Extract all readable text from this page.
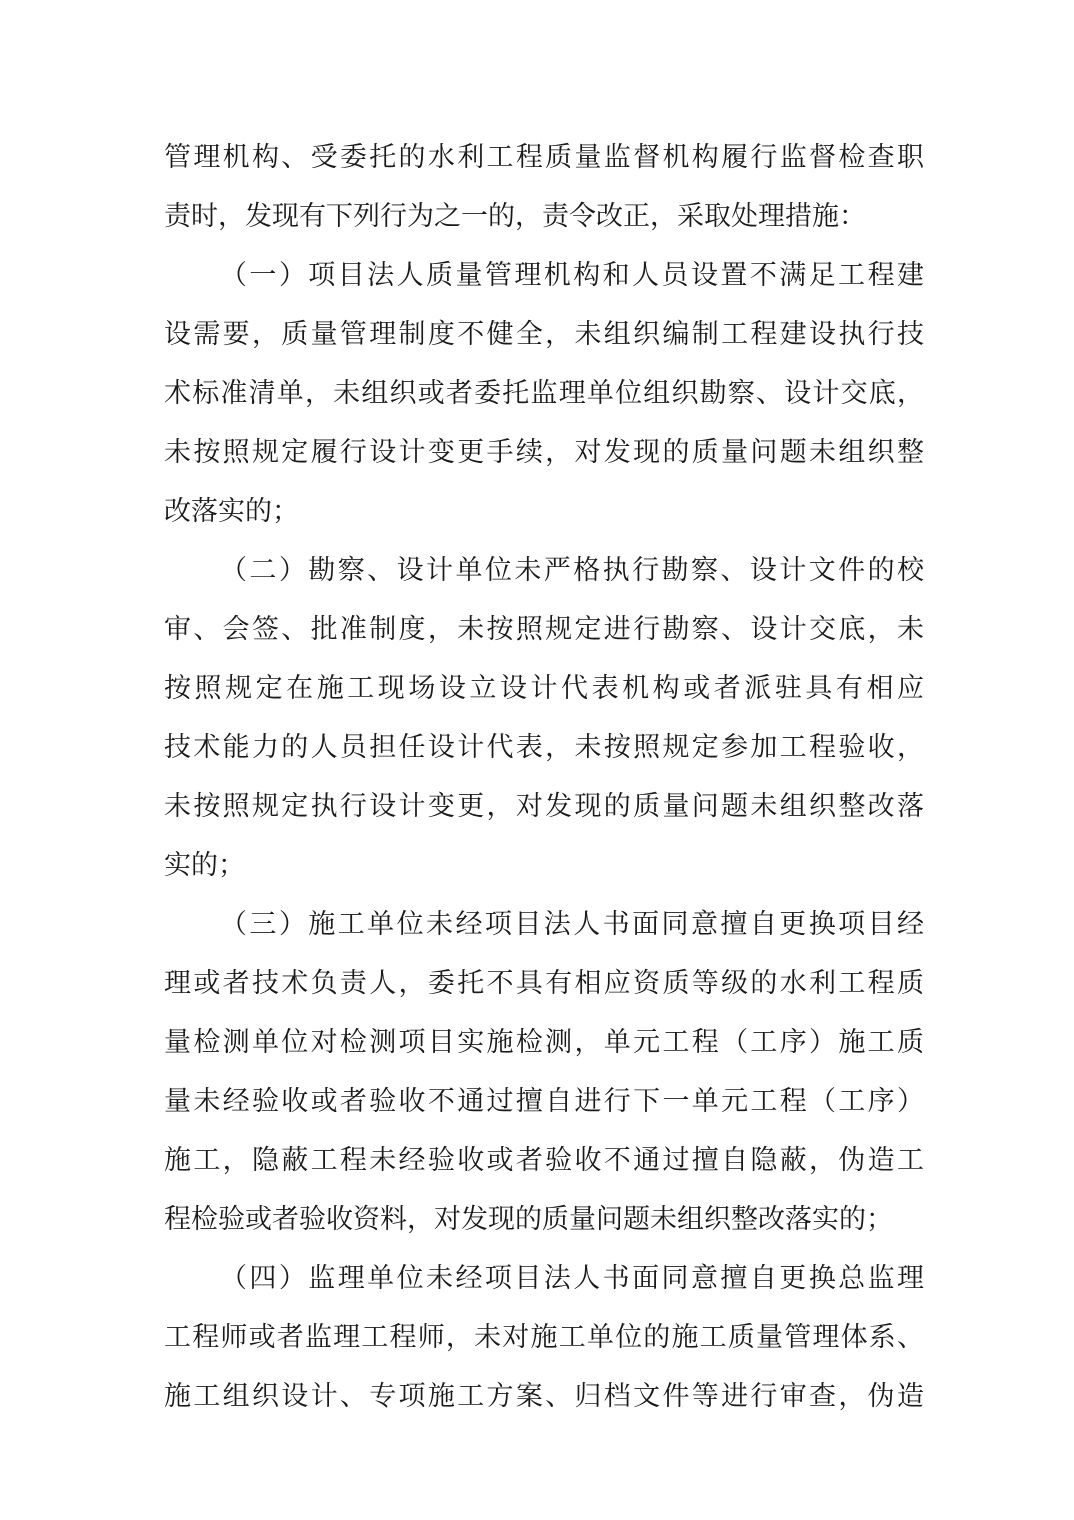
管理机构、受委托的水利工程质量监督机构履行监督检查职
责时，发现有下列行为之一的，责令改正，采取处理措施：
（一）项目法人质量管理机构和人员设置不满足工程建
设需要，质量管理制度不健全，未组织编制工程建设执行技
术标准清单，未组织或者委托监理单位组织勘察、设计交底，
未按照规定履行设计变更手续，对发现的质量问题未组织整
改落实的；
（二）勘察、设计单位未严格执行勘察、设计文件的校
审、会签、批准制度，未按照规定进行勘察、设计交底，未
按照规定在施工现场设立设计代表机构或者派驻具有相应
技术能力的人员担任设计代表，未按照规定参加工程验收，
未按照规定执行设计变更，对发现的质量问题未组织整改落
实的；
（三）施工单位未经项目法人书面同意擅自更换项目经
理或者技术负责人，委托不具有相应资质等级的水利工程质
量检测单位对检测项目实施检测，单元工程（工序）施工质
量未经验收或者验收不通过擅自进行下一单元工程（工序）
施工，隐蔽工程未经验收或者验收不通过擅自隐蔽，伪造工
程检验或者验收资料，对发现的质量问题未组织整改落实的；
（四）监理单位未经项目法人书面同意擅自更换总监理
工程师或者监理工程师，未对施工单位的施工质量管理体系、
施工组织设计、专项施工方案、归档文件等进行审查，伪造
